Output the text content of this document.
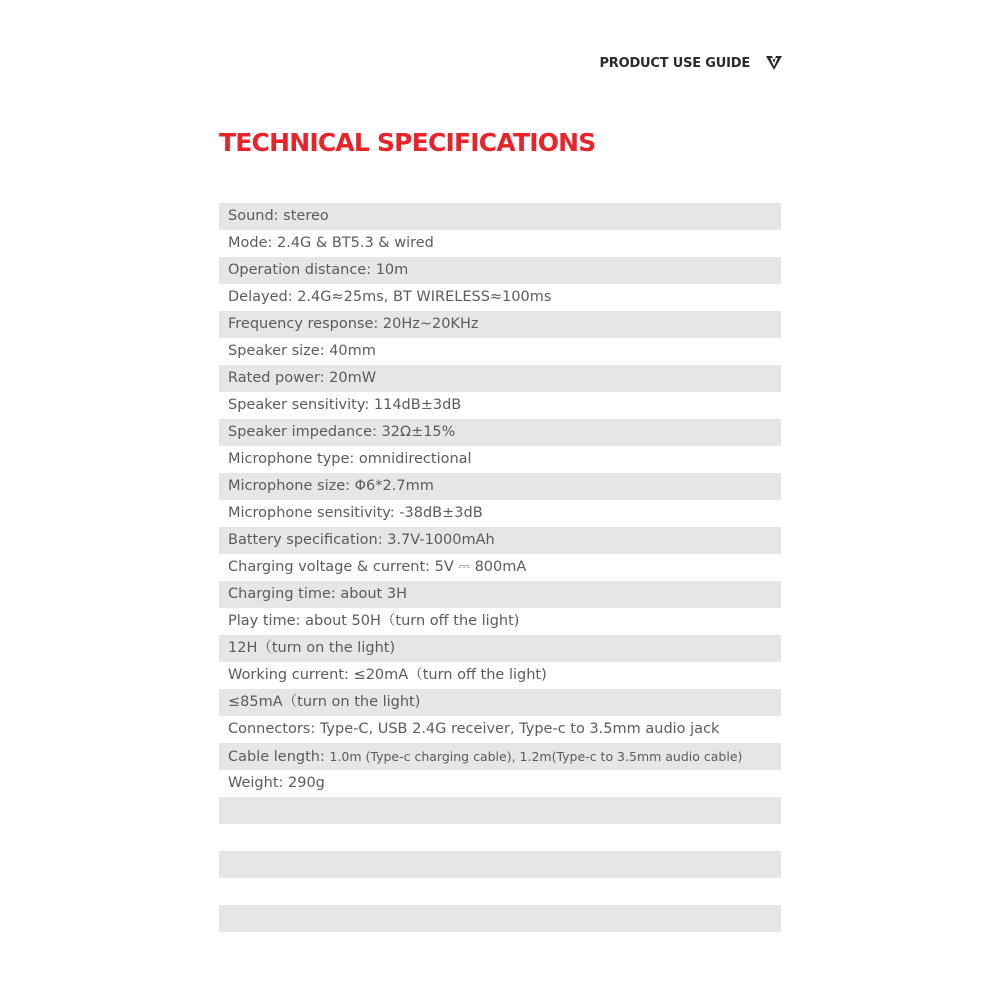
PRODUCT USE GUIDE
TECHNICAL SPECIFICATIONS
Sound: stereo
Mode: 2.4G & BT5.3 & wired
Operation distance: 10m
Delayed: 2.4G≈25ms, BT WIRELESS≈100ms
Frequency response: 20Hz~20KHz
Speaker size: 40mm
Rated power: 20mW
Speaker sensitivity: 114dB±3dB
Speaker impedance: 32Ω±15%
Microphone type: omnidirectional
Microphone size: Φ6*2.7mm
Microphone sensitivity: -38dB±3dB
Battery specification: 3.7V-1000mAh
Charging voltage & current: 5V ⎓ 800mA
Charging time: about 3H
Play time: about 50H（turn off the light)
12H（turn on the light)
Working current: ≤20mA（turn off the light)
≤85mA（turn on the light)
Connectors: Type-C, USB 2.4G receiver, Type-c to 3.5mm audio jack
Cable length: 1.0m (Type-c charging cable), 1.2m(Type-c to 3.5mm audio cable)
Weight: 290g
